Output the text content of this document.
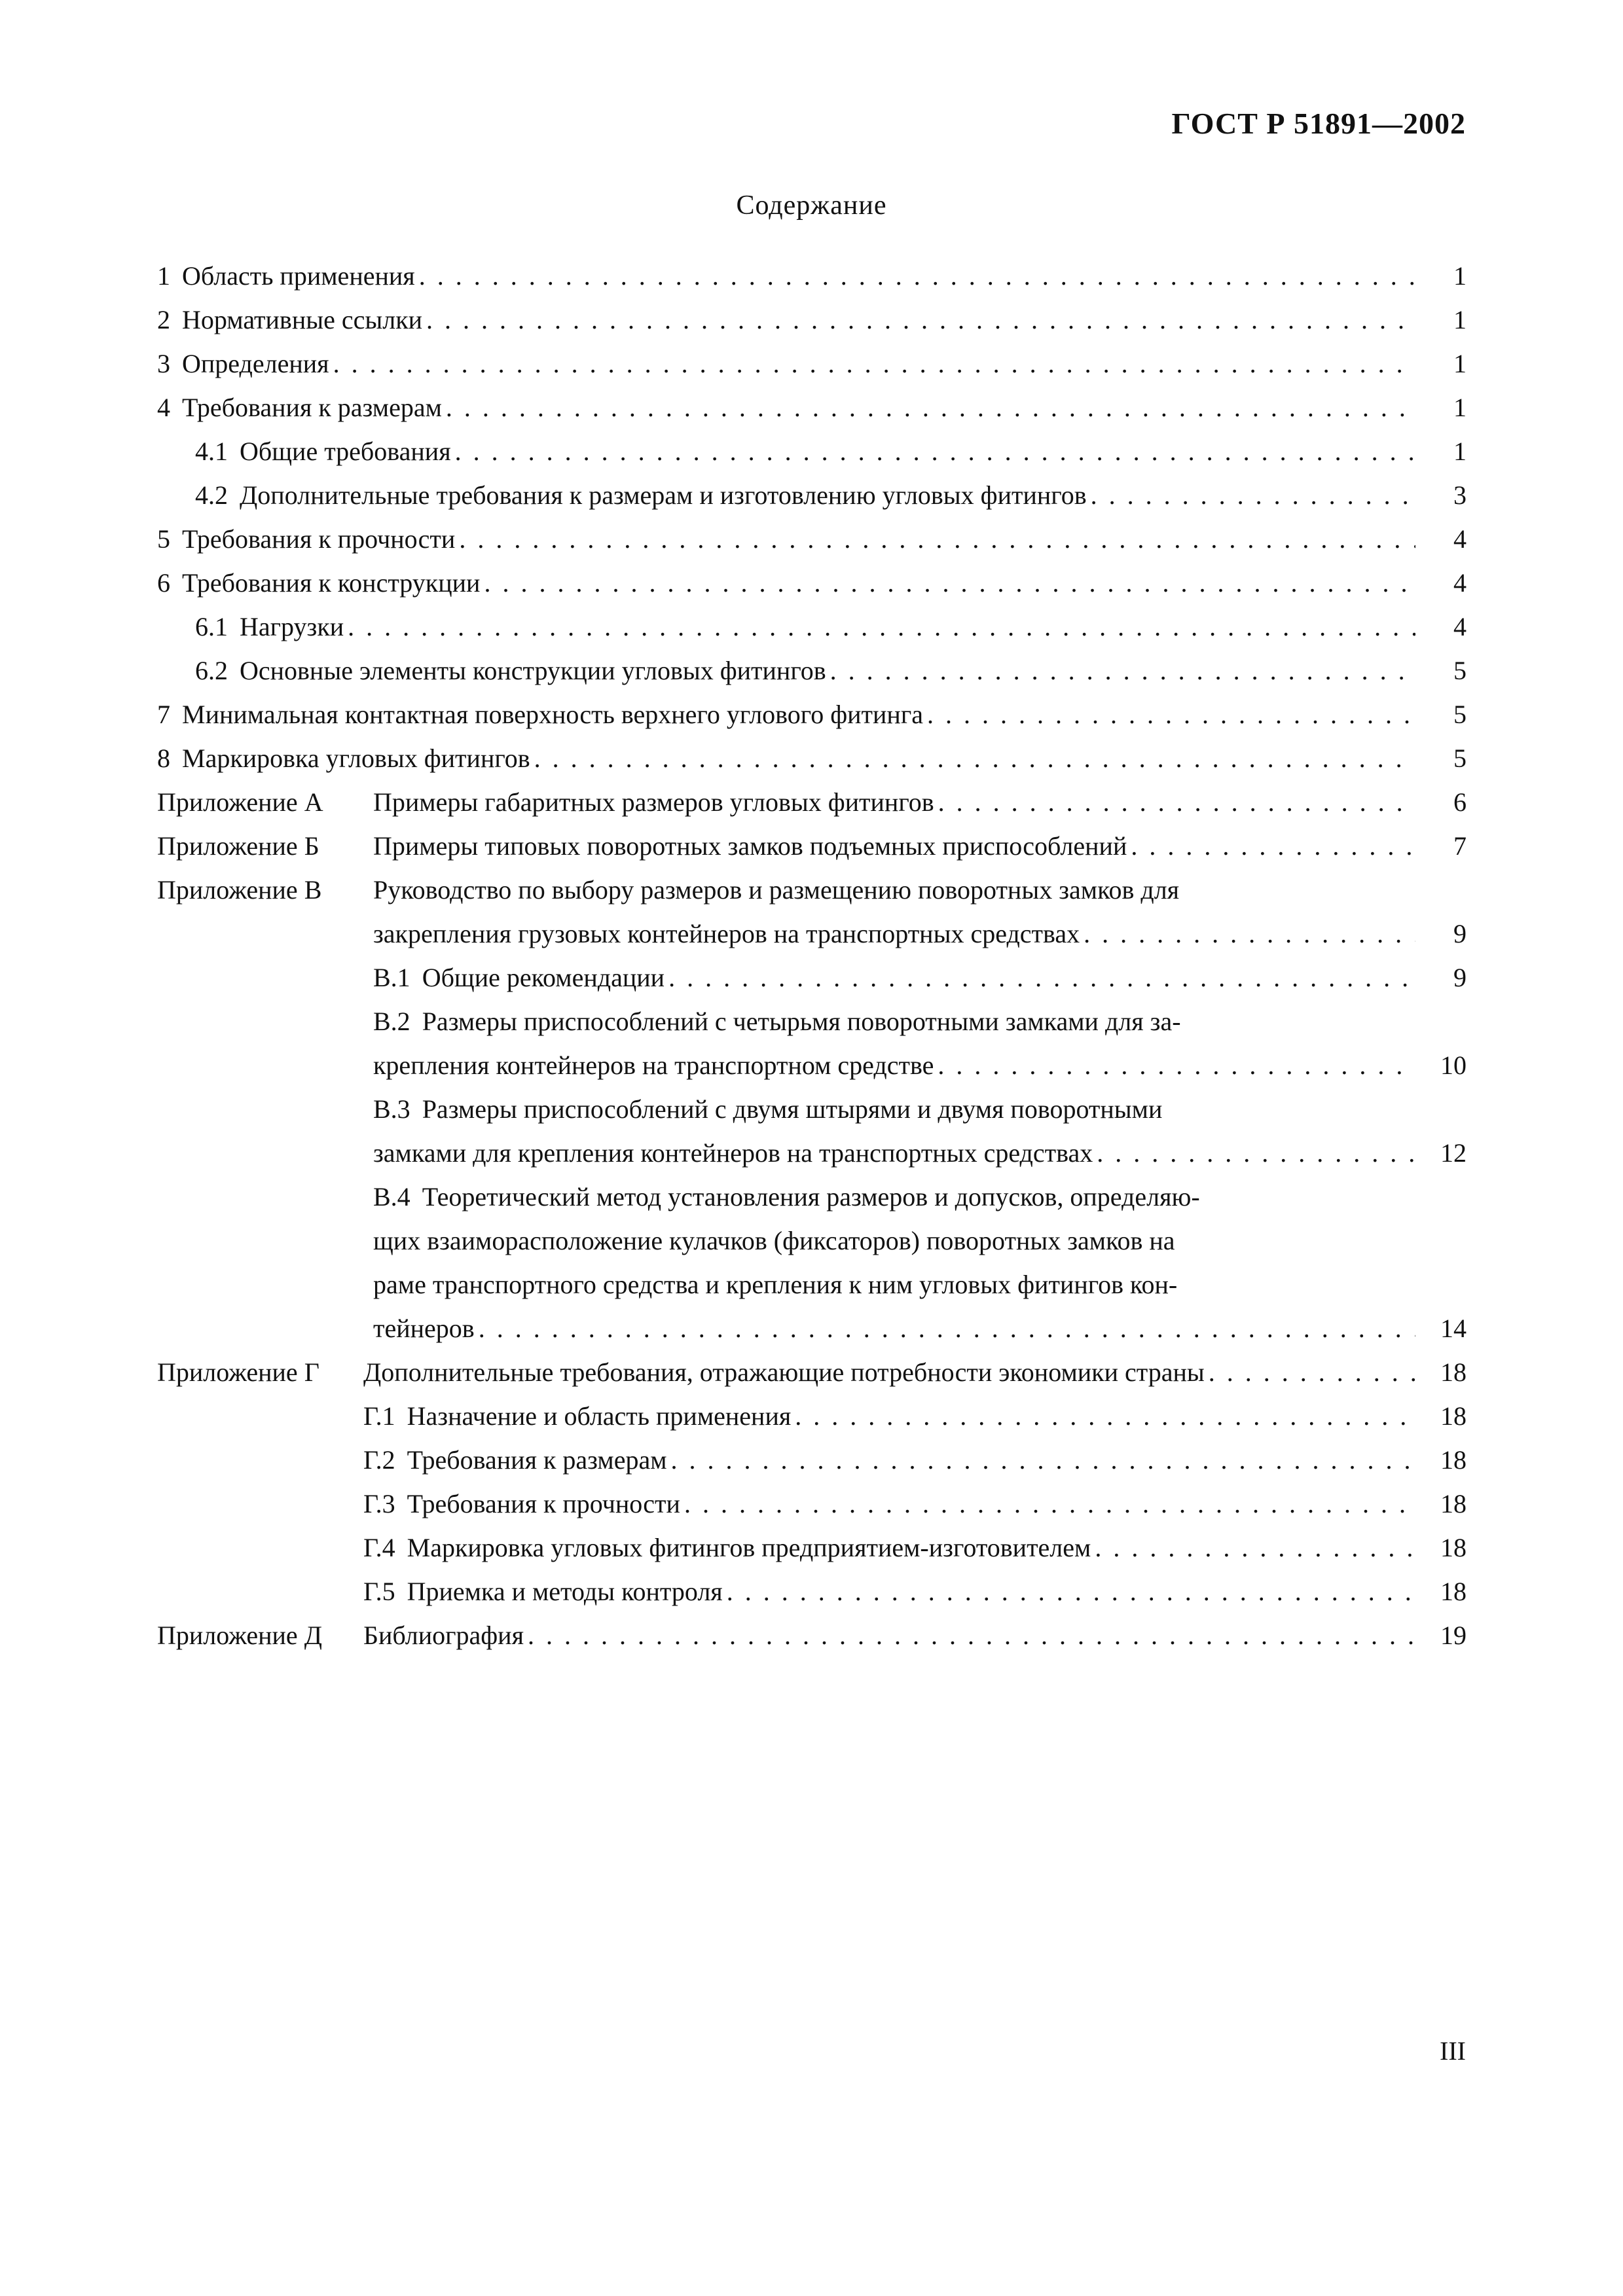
ГОСТ Р 51891—2002
Содержание
1 Область применения . . .	1
2 Нормативные ссылки . . .	1
3 Определения . . .	1
4 Требования к размерам . . .	1
4.1 Общие требования . . .	1
4.2 Дополнительные требования к размерам и изготовлению угловых фитингов . . .	3
5 Требования к прочности . . .	4
6 Требования к конструкции . . .	4
6.1 Нагрузки . . .	4
6.2 Основные элементы конструкции угловых фитингов . . .	5
7 Минимальная контактная поверхность верхнего углового фитинга . . .	5
8 Маркировка угловых фитингов . . .	5
Приложение А Примеры габаритных размеров угловых фитингов . . .	6
Приложение Б Примеры типовых поворотных замков подъемных приспособлений . . .	7
Приложение В Руководство по выбору размеров и размещению поворотных замков для
закрепления грузовых контейнеров на транспортных средствах . . .	9
В.1 Общие рекомендации . . .	9
В.2 Размеры приспособлений с четырьмя поворотными замками для за-
крепления контейнеров на транспортном средстве . . .	10
В.3 Размеры приспособлений с двумя штырями и двумя поворотными
замками для крепления контейнеров на транспортных средствах . . .	12
В.4 Теоретический метод установления размеров и допусков, определяю-
щих взаиморасположение кулачков (фиксаторов) поворотных замков на
раме транспортного средства и крепления к ним угловых фитингов кон-
тейнеров . . .	14
Приложение Г Дополнительные требования, отражающие потребности экономики страны . . .	18
Г.1 Назначение и область применения . . .	18
Г.2 Требования к размерам . . .	18
Г.3 Требования к прочности . . .	18
Г.4 Маркировка угловых фитингов предприятием-изготовителем . . .	18
Г.5 Приемка и методы контроля . . .	18
Приложение Д Библиография . . .	19
III
